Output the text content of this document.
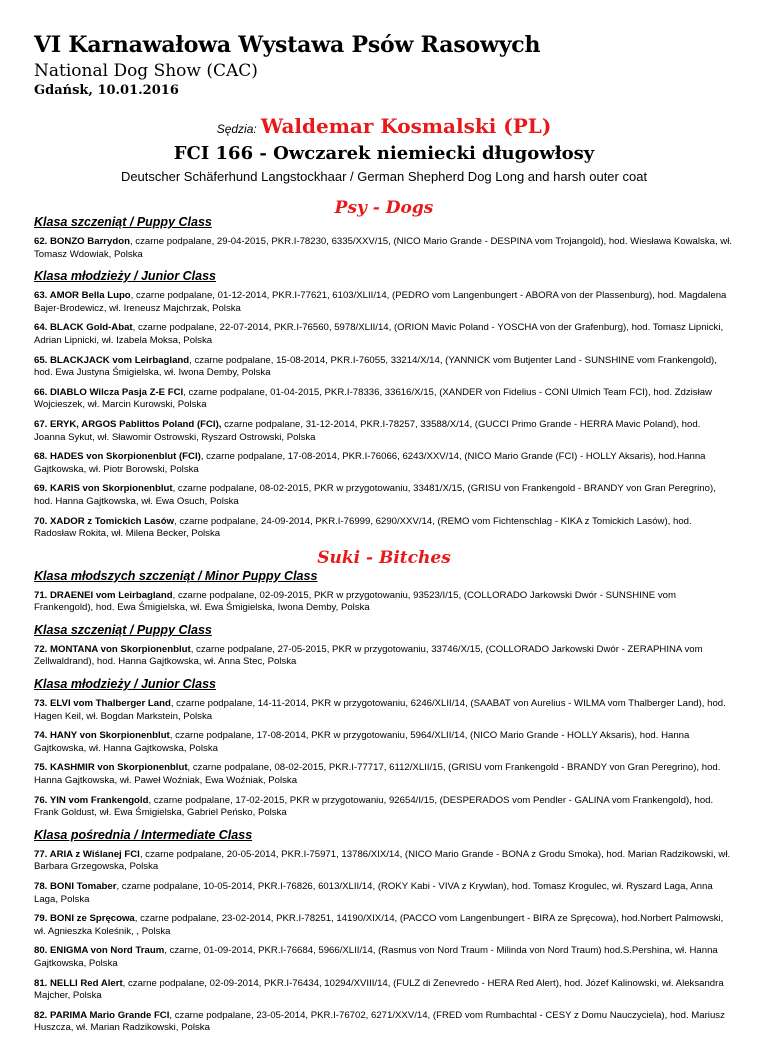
VI Karnawałowa Wystawa Psów Rasowych

National Dog Show (CAC)

Gdańsk, 10.01.2016

Sędzia: Waldemar Kosmalski (PL)
FCI 166 - Owczarek niemiecki długowłosy
Deutscher Schäferhund Langstockhaar / German Shepherd Dog Long and harsh outer coat
Psy - Dogs

Klasa szczeniąt / Puppy Class

62. BONZO Barrydon, czarne podpalane, 29-04-2015, PKR.I-78230, 6335/XXV/15, (NICO Mario Grande - DESPINA vom Trojangold), hod. Wiesława Kowalska, wł. Tomasz Wdowiak, Polska

Klasa młodzieży / Junior Class

63. AMOR Bella Lupo, czarne podpalane, 01-12-2014, PKR.I-77621, 6103/XLII/14, (PEDRO vom Langenbungert - ABORA von der Plassenburg), hod. Magdalena Bajer-Brodewicz, wł. Ireneusz Majchrzak, Polska

64. BLACK Gold-Abat, czarne podpalane, 22-07-2014, PKR.I-76560, 5978/XLII/14, (ORION Mavic Poland - YOSCHA von der Grafenburg), hod. Tomasz Lipnicki, Adrian Lipnicki, wł. Izabela Moksa, Polska

65. BLACKJACK vom Leirbagland, czarne podpalane, 15-08-2014, PKR.I-76055, 33214/X/14, (YANNICK vom Butjenter Land - SUNSHINE vom Frankengold), hod. Ewa Justyna Śmigielska, wł. Iwona Demby, Polska

66. DIABLO Wilcza Pasja Z-E FCI, czarne podpalane, 01-04-2015, PKR.I-78336, 33616/X/15, (XANDER von Fidelius - CONI Ulmich Team FCI), hod. Zdzisław Wojcieszek, wł. Marcin Kurowski, Polska

67. ERYK, ARGOS Pablittos Poland (FCI), czarne podpalane, 31-12-2014, PKR.I-78257, 33588/X/14, (GUCCI Primo Grande - HERRA Mavic Poland), hod. Joanna Sykut, wł. Sławomir Ostrowski, Ryszard Ostrowski, Polska

68. HADES von Skorpionenblut (FCI), czarne podpalane, 17-08-2014, PKR.I-76066, 6243/XXV/14, (NICO Mario Grande (FCI) - HOLLY Aksaris), hod.Hanna Gajtkowska, wł. Piotr Borowski, Polska

69. KARIS von Skorpionenblut, czarne podpalane, 08-02-2015, PKR w przygotowaniu, 33481/X/15, (GRISU von Frankengold - BRANDY von Gran Peregrino), hod. Hanna Gajtkowska, wł. Ewa Osuch, Polska

70. XADOR z Tomickich Lasów, czarne podpalane, 24-09-2014, PKR.I-76999, 6290/XXV/14, (REMO vom Fichtenschlag - KIKA z Tomickich Lasów), hod. Radosław Rokita, wł. Milena Becker, Polska

Suki - Bitches

Klasa młodszych szczeniąt / Minor Puppy Class

71. DRAENEI vom Leirbagland, czarne podpalane, 02-09-2015, PKR w przygotowaniu, 93523/I/15, (COLLORADO Jarkowski Dwór - SUNSHINE vom Frankengold), hod. Ewa Śmigielska, wł. Ewa Śmigielska, Iwona Demby, Polska

Klasa szczeniąt / Puppy Class

72. MONTANA von Skorpionenblut, czarne podpalane, 27-05-2015, PKR w przygotowaniu, 33746/X/15, (COLLORADO Jarkowski Dwór - ZERAPHINA vom Zellwaldrand), hod. Hanna Gajtkowska, wł. Anna Stec, Polska

Klasa młodzieży / Junior Class

73. ELVI vom Thalberger Land, czarne podpalane, 14-11-2014, PKR w przygotowaniu, 6246/XLII/14, (SAABAT von Aurelius - WILMA vom Thalberger Land), hod. Hagen Keil, wł. Bogdan Markstein, Polska

74. HANY von Skorpionenblut, czarne podpalane, 17-08-2014, PKR w przygotowaniu, 5964/XLII/14, (NICO Mario Grande - HOLLY Aksaris), hod. Hanna Gajtkowska, wł. Hanna Gajtkowska, Polska

75. KASHMIR von Skorpionenblut, czarne podpalane, 08-02-2015, PKR.I-77717, 6112/XLII/15, (GRISU vom Frankengold - BRANDY von Gran Peregrino), hod. Hanna Gajtkowska, wł. Paweł Woźniak, Ewa Woźniak, Polska

76. YIN vom Frankengold, czarne podpalane, 17-02-2015, PKR w przygotowaniu, 92654/I/15, (DESPERADOS vom Pendler - GALINA vom Frankengold), hod. Frank Goldust, wł. Ewa Śmigielska, Gabriel Peńsko, Polska

Klasa pośrednia / Intermediate Class

77. ARIA z Wiślanej FCI, czarne podpalane, 20-05-2014, PKR.I-75971, 13786/XIX/14, (NICO Mario Grande - BONA z Grodu Smoka), hod. Marian Radzikowski, wł. Barbara Grzegowska, Polska

78. BONI Tomaber, czarne podpalane, 10-05-2014, PKR.I-76826, 6013/XLII/14, (ROKY Kabi - VIVA z Krywlan), hod. Tomasz Krogulec, wł. Ryszard Laga, Anna Laga, Polska

79. BONI ze Spręcowa, czarne podpalane, 23-02-2014, PKR.I-78251, 14190/XIX/14, (PACCO vom Langenbungert - BIRA ze Spręcowa), hod.Norbert Palmowski, wł. Agnieszka Koleśnik, , Polska

80. ENIGMA von Nord Traum, czarne, 01-09-2014, PKR.I-76684, 5966/XLII/14, (Rasmus von Nord Traum - Milinda von Nord Traum) hod.S.Pershina, wł. Hanna Gajtkowska, Polska

81. NELLI Red Alert, czarne podpalane, 02-09-2014, PKR.I-76434, 10294/XVIII/14, (FULZ di Zenevredo - HERA Red Alert), hod. Józef Kalinowski, wł. Aleksandra Majcher, Polska

82. PARIMA Mario Grande FCI, czarne podpalane, 23-05-2014, PKR.I-76702, 6271/XXV/14, (FRED vom Rumbachtal - CESY z Domu Nauczyciela), hod. Mariusz Huszcza, wł. Marian Radzikowski, Polska
